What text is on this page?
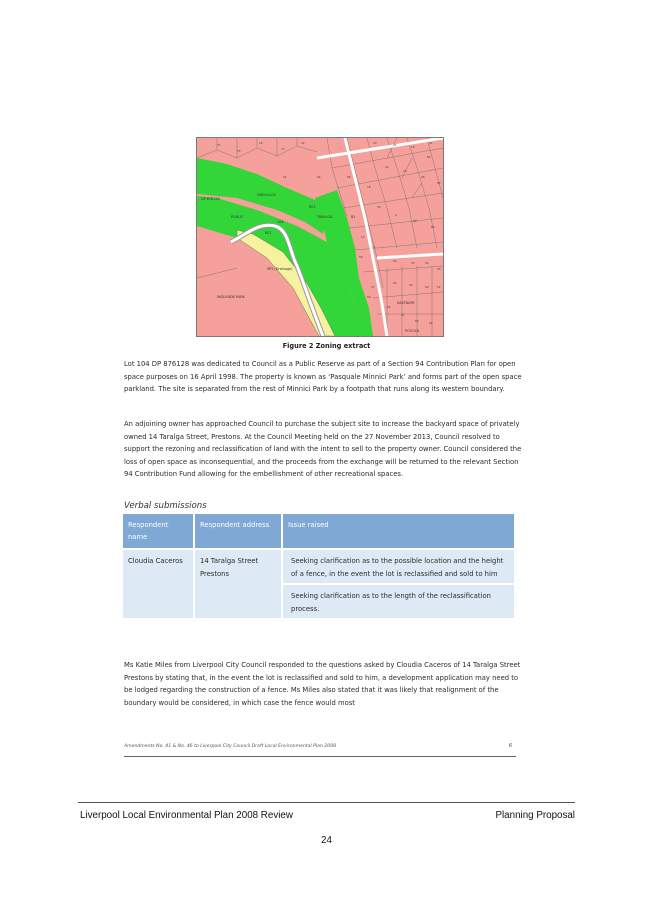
DP 876128
PUBLIC
104
SP2 (Drainage)
INGLESIDE PARK
TARALGA
EASTBURY
B1
RE1
RE1
GREVILLEA
POCOCK
71
75
16
13
14	23	24	18
21
22
20
26
18
50
4
80
86
13
9
52	53	54
40
64	59	60	52
65
67
68	69
56
57
58
84
85
66
64
54
Figure 2 Zoning extract
Lot 104 DP 876128 was dedicated to Council as a Public Reserve as part of a Section 94 Contribution Plan for open space purposes on 16 April 1998. The property is known as ‘Pasquale Minnici Park’ and forms part of the open space parkland. The site is separated from the rest of Minnici Park by a footpath that runs along its western boundary.
An adjoining owner has approached Council to purchase the subject site to increase the backyard space of privately owned 14 Taralga Street, Prestons. At the Council Meeting held on the 27 November 2013, Council resolved to support the rezoning and reclassification of land with the intent to sell to the property owner. Council considered the loss of open space as inconsequential, and the proceeds from the exchange will be returned to the relevant Section 94 Contribution Fund allowing for the embellishment of other recreational spaces.
Verbal submissions
Respondent name	Respondent address	Issue raised
Cloudia Caceros	14 Taralga Street Prestons	Seeking clarification as to the possible location and the height of a fence, in the event the lot is reclassified and sold to him
		Seeking clarification as to the length of the reclassification process.
Ms Katie Miles from Liverpool City Council responded to the questions asked by Cloudia Caceros of 14 Taralga Street Prestons by stating that, in the event the lot is reclassified and sold to him, a development application may need to be lodged regarding the construction of a fence. Ms Miles also stated that it was likely that realignment of the boundary would be considered, in which case the fence would most
Amendments No. 41 & No. 46 to Liverpool City Council Draft Local Environmental Plan 2008	6
Liverpool Local Environmental Plan 2008 Review	Planning Proposal
24
